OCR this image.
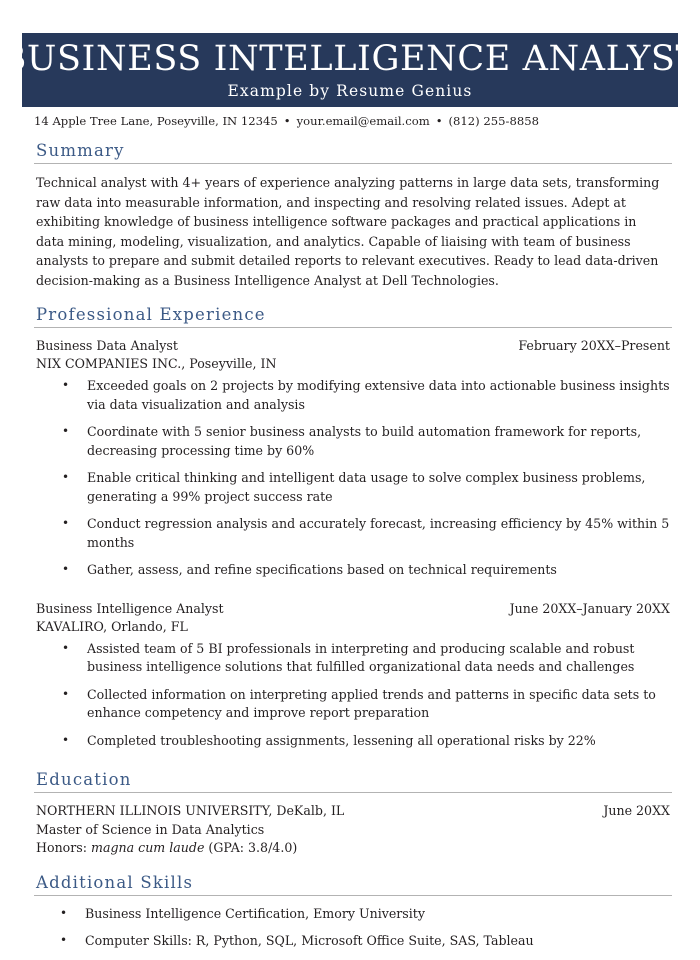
BUSINESS INTELLIGENCE ANALYST
Example by Resume Genius
14 Apple Tree Lane, Poseyville, IN 12345 • your.email@email.com • (812) 255-8858
Summary

Technical analyst with 4+ years of experience analyzing patterns in large data sets, transforming raw data into measurable information, and inspecting and resolving related issues. Adept at exhibiting knowledge of business intelligence software packages and practical applications in data mining, modeling, visualization, and analytics. Capable of liaising with team of business analysts to prepare and submit detailed reports to relevant executives. Ready to lead data-driven decision-making as a Business Intelligence Analyst at Dell Technologies.

Professional Experience
Business Data Analyst	February 20XX–Present
NIX COMPANIES INC., Poseyville, IN
• Exceeded goals on 2 projects by modifying extensive data into actionable business insights via data visualization and analysis
• Coordinate with 5 senior business analysts to build automation framework for reports, decreasing processing time by 60%
• Enable critical thinking and intelligent data usage to solve complex business problems, generating a 99% project success rate
• Conduct regression analysis and accurately forecast, increasing efficiency by 45% within 5 months
• Gather, assess, and refine specifications based on technical requirements
Business Intelligence Analyst	June 20XX–January 20XX
KAVALIRO, Orlando, FL
• Assisted team of 5 BI professionals in interpreting and producing scalable and robust business intelligence solutions that fulfilled organizational data needs and challenges
• Collected information on interpreting applied trends and patterns in specific data sets to enhance competency and improve report preparation
• Completed troubleshooting assignments, lessening all operational risks by 22%
Education
NORTHERN ILLINOIS UNIVERSITY, DeKalb, IL	June 20XX
Master of Science in Data Analytics
Honors: magna cum laude (GPA: 3.8/4.0)
Additional Skills
• Business Intelligence Certification, Emory University
• Computer Skills: R, Python, SQL, Microsoft Office Suite, SAS, Tableau
